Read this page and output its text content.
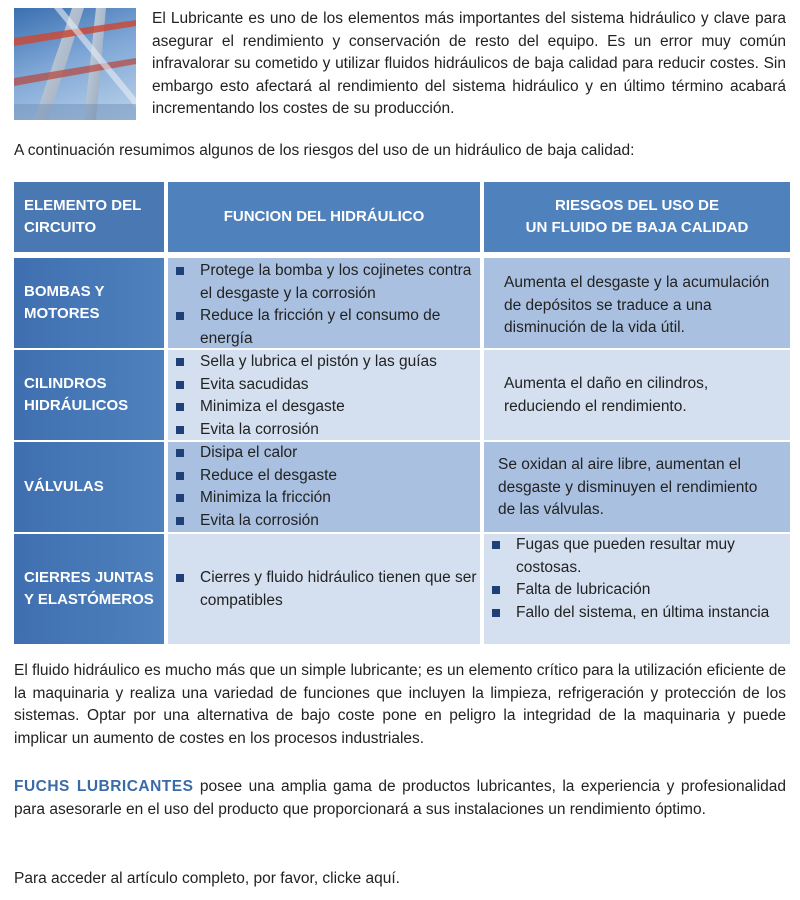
El Lubricante es uno de los elementos más importantes del sistema hidráulico y clave para asegurar el rendimiento y conservación de resto del equipo. Es un error muy común infravalorar su cometido y utilizar fluidos hidráulicos de baja calidad para reducir costes. Sin embargo esto afectará al rendimiento del sistema hidráulico y en último término acabará incrementando los costes de su producción.

A continuación resumimos algunos de los riesgos del uso de un hidráulico de baja calidad:

ELEMENTO DEL
CIRCUITO
FUNCION DEL HIDRÁULICO
RIESGOS DEL USO DE
UN FLUIDO DE BAJA CALIDAD
BOMBAS Y
MOTORES
Protege la bomba y los cojinetes contra el desgaste y la corrosión
Reduce la fricción y el consumo de energía
Aumenta el desgaste y la acumulación de depósitos se traduce a una disminución de la vida útil.
CILINDROS
HIDRÁULICOS
Sella y lubrica el pistón y las guías
Evita sacudidas
Minimiza el desgaste
Evita la corrosión
Aumenta el daño en cilindros, reduciendo el rendimiento.
VÁLVULAS
Disipa el calor
Reduce el desgaste
Minimiza la fricción
Evita la corrosión
Se oxidan al aire libre, aumentan el desgaste y disminuyen el rendimiento de las válvulas.
CIERRES JUNTAS
Y ELASTÓMEROS
Cierres y fluido hidráulico tienen que ser compatibles
Fugas que pueden resultar muy costosas.
Falta de lubricación
Fallo del sistema, en última instancia

El fluido hidráulico es mucho más que un simple lubricante; es un elemento crítico para la utilización eficiente de la maquinaria y realiza una variedad de funciones que incluyen la limpieza, refrigeración y protección de los sistemas. Optar por una alternativa de bajo coste pone en peligro la integridad de la maquinaria y puede implicar un aumento de costes en los procesos industriales.

FUCHS LUBRICANTES posee una amplia gama de productos lubricantes, la experiencia y profesionalidad para asesorarle en el uso del producto que proporcionará a sus instalaciones un rendimiento óptimo.

Para acceder al artículo completo, por favor, clicke aquí.
